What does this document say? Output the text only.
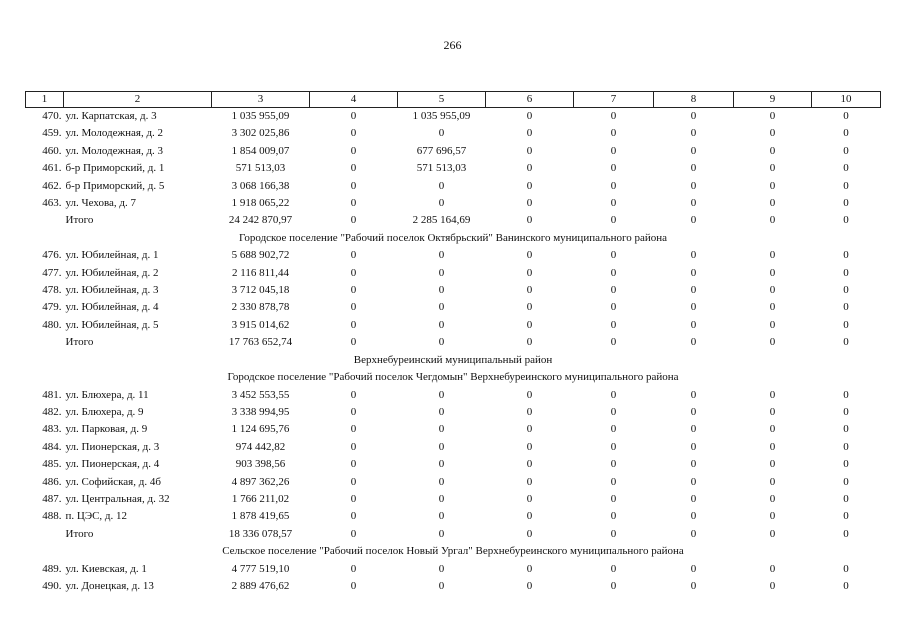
266
1	2	3	4	5	6	7	8	9	10
470.	ул. Карпатская, д. 3	1 035 955,09	0	1 035 955,09	0	0	0	0	0
459.	ул. Молодежная, д. 2	3 302 025,86	0	0	0	0	0	0	0
460.	ул. Молодежная, д. 3	1 854 009,07	0	677 696,57	0	0	0	0	0
461.	б-р Приморский, д. 1	571 513,03	0	571 513,03	0	0	0	0	0
462.	б-р Приморский, д. 5	3 068 166,38	0	0	0	0	0	0	0
463.	ул. Чехова, д. 7	1 918 065,22	0	0	0	0	0	0	0
	Итого	24 242 870,97	0	2 285 164,69	0	0	0	0	0
Городское поселение "Рабочий поселок Октябрьский" Ванинского муниципального района									
476.	ул. Юбилейная, д. 1	5 688 902,72	0	0	0	0	0	0	0
477.	ул. Юбилейная, д. 2	2 116 811,44	0	0	0	0	0	0	0
478.	ул. Юбилейная, д. 3	3 712 045,18	0	0	0	0	0	0	0
479.	ул. Юбилейная, д. 4	2 330 878,78	0	0	0	0	0	0	0
480.	ул. Юбилейная, д. 5	3 915 014,62	0	0	0	0	0	0	0
	Итого	17 763 652,74	0	0	0	0	0	0	0
Верхнебуреинский муниципальный район									
Городское поселение "Рабочий поселок Чегдомын" Верхнебуреинского муниципального района									
481.	ул. Блюхера, д. 11	3 452 553,55	0	0	0	0	0	0	0
482.	ул. Блюхера, д. 9	3 338 994,95	0	0	0	0	0	0	0
483.	ул. Парковая, д. 9	1 124 695,76	0	0	0	0	0	0	0
484.	ул. Пионерская, д. 3	974 442,82	0	0	0	0	0	0	0
485.	ул. Пионерская, д. 4	903 398,56	0	0	0	0	0	0	0
486.	ул. Софийская, д. 4б	4 897 362,26	0	0	0	0	0	0	0
487.	ул. Центральная, д. 32	1 766 211,02	0	0	0	0	0	0	0
488.	п. ЦЭС, д. 12	1 878 419,65	0	0	0	0	0	0	0
	Итого	18 336 078,57	0	0	0	0	0	0	0
Сельское поселение "Рабочий поселок Новый Ургал" Верхнебуреинского муниципального района									
489.	ул. Киевская, д. 1	4 777 519,10	0	0	0	0	0	0	0
490.	ул. Донецкая, д. 13	2 889 476,62	0	0	0	0	0	0	0
